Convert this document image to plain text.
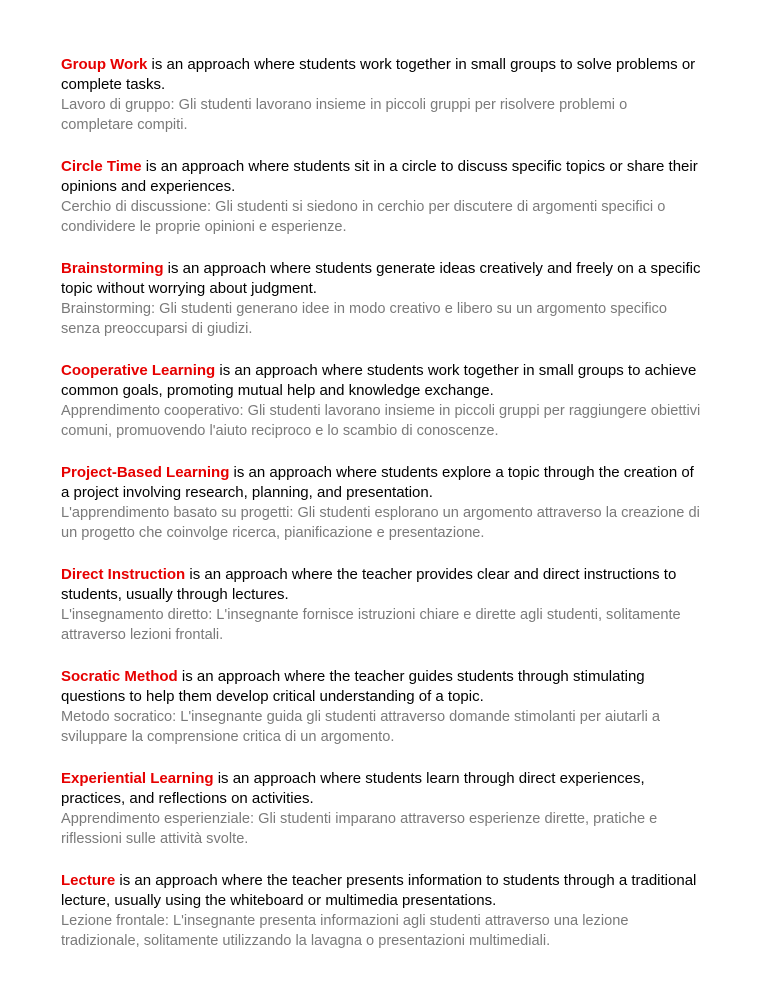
Group Work is an approach where students work together in small groups to solve problems or complete tasks.

Lavoro di gruppo: Gli studenti lavorano insieme in piccoli gruppi per risolvere problemi o completare compiti.

Circle Time is an approach where students sit in a circle to discuss specific topics or share their opinions and experiences.

Cerchio di discussione: Gli studenti si siedono in cerchio per discutere di argomenti specifici o condividere le proprie opinioni e esperienze.

Brainstorming is an approach where students generate ideas creatively and freely on a specific topic without worrying about judgment.

Brainstorming: Gli studenti generano idee in modo creativo e libero su un argomento specifico senza preoccuparsi di giudizi.

Cooperative Learning is an approach where students work together in small groups to achieve common goals, promoting mutual help and knowledge exchange.

Apprendimento cooperativo: Gli studenti lavorano insieme in piccoli gruppi per raggiungere obiettivi comuni, promuovendo l'aiuto reciproco e lo scambio di conoscenze.

Project-Based Learning is an approach where students explore a topic through the creation of a project involving research, planning, and presentation.

L'apprendimento basato su progetti: Gli studenti esplorano un argomento attraverso la creazione di un progetto che coinvolge ricerca, pianificazione e presentazione.

Direct Instruction is an approach where the teacher provides clear and direct instructions to students, usually through lectures.

L'insegnamento diretto: L'insegnante fornisce istruzioni chiare e dirette agli studenti, solitamente attraverso lezioni frontali.

Socratic Method is an approach where the teacher guides students through stimulating questions to help them develop critical understanding of a topic.

Metodo socratico: L'insegnante guida gli studenti attraverso domande stimolanti per aiutarli a sviluppare la comprensione critica di un argomento.

Experiential Learning is an approach where students learn through direct experiences, practices, and reflections on activities.

Apprendimento esperienziale: Gli studenti imparano attraverso esperienze dirette, pratiche e riflessioni sulle attività svolte.

Lecture is an approach where the teacher presents information to students through a traditional lecture, usually using the whiteboard or multimedia presentations.

Lezione frontale: L'insegnante presenta informazioni agli studenti attraverso una lezione tradizionale, solitamente utilizzando la lavagna o presentazioni multimediali.
